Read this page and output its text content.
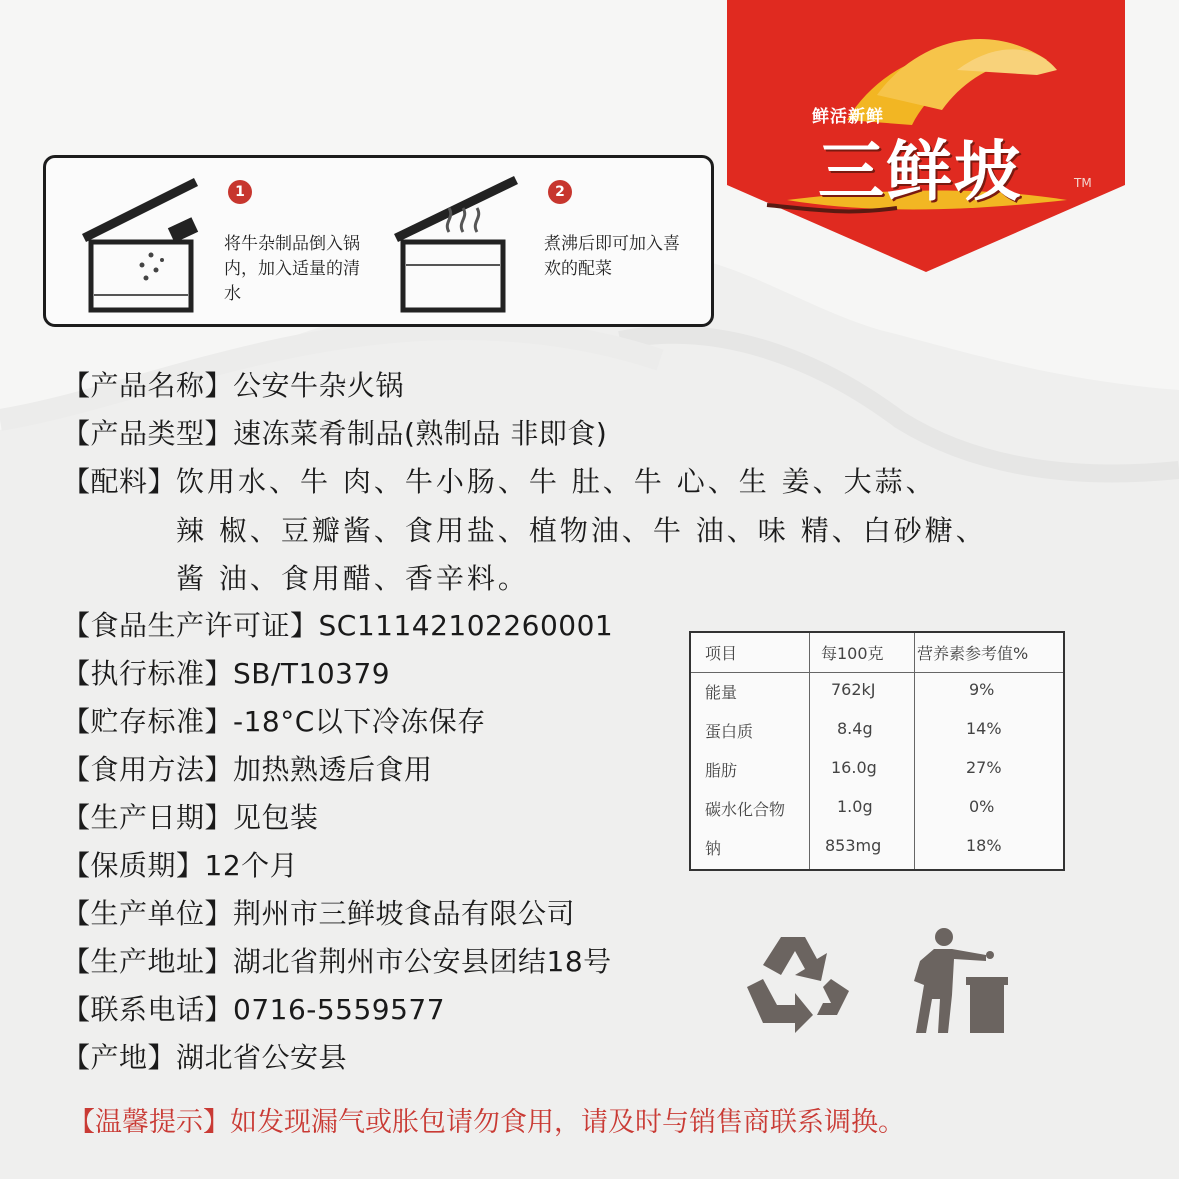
鲜活新鲜
三鲜坡	TM
1
将牛杂制品倒入锅内，加入适量的清水
2
煮沸后即可加入喜欢的配菜
【产品名称】公安牛杂火锅
【产品类型】速冻菜肴制品(熟制品 非即食)
【配料】 饮用水、牛 肉、牛小肠、牛 肚、牛 心、生 姜、大蒜、
辣 椒、豆瓣酱、食用盐、植物油、牛 油、味 精、白砂糖、
酱 油、食用醋、香辛料。
【食品生产许可证】SC11142102260001
【执行标准】SB/T10379
【贮存标准】-18°C以下冷冻保存
【食用方法】加热熟透后食用
【生产日期】见包装
【保质期】12个月
【生产单位】荆州市三鲜坡食品有限公司
【生产地址】湖北省荆州市公安县团结18号
【联系电话】0716-5559577
【产地】湖北省公安县
项目	每100克 营养素参考值%
能量	762kJ	9%
蛋白质	8.4g	14%
脂肪	16.0g	27%
碳水化合物	1.0g	0%
钠	853mg	18%
【温馨提示】如发现漏气或胀包请勿食用，请及时与销售商联系调换。
